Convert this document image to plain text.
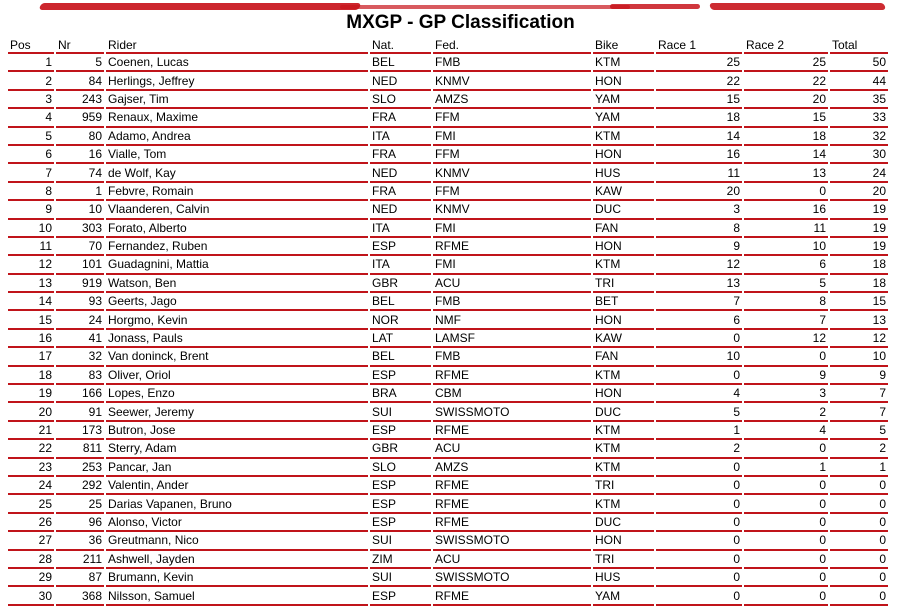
MXGP - GP Classification
Pos	Nr	Rider	Nat.	Fed.	Bike	Race 1	Race 2	Total
1	5	Coenen, Lucas	BEL	FMB	KTM	25	25	50
2	84	Herlings, Jeffrey	NED	KNMV	HON	22	22	44
3	243	Gajser, Tim	SLO	AMZS	YAM	15	20	35
4	959	Renaux, Maxime	FRA	FFM	YAM	18	15	33
5	80	Adamo, Andrea	ITA	FMI	KTM	14	18	32
6	16	Vialle, Tom	FRA	FFM	HON	16	14	30
7	74	de Wolf, Kay	NED	KNMV	HUS	11	13	24
8	1	Febvre, Romain	FRA	FFM	KAW	20	0	20
9	10	Vlaanderen, Calvin	NED	KNMV	DUC	3	16	19
10	303	Forato, Alberto	ITA	FMI	FAN	8	11	19
11	70	Fernandez, Ruben	ESP	RFME	HON	9	10	19
12	101	Guadagnini, Mattia	ITA	FMI	KTM	12	6	18
13	919	Watson, Ben	GBR	ACU	TRI	13	5	18
14	93	Geerts, Jago	BEL	FMB	BET	7	8	15
15	24	Horgmo, Kevin	NOR	NMF	HON	6	7	13
16	41	Jonass, Pauls	LAT	LAMSF	KAW	0	12	12
17	32	Van doninck, Brent	BEL	FMB	FAN	10	0	10
18	83	Oliver, Oriol	ESP	RFME	KTM	0	9	9
19	166	Lopes, Enzo	BRA	CBM	HON	4	3	7
20	91	Seewer, Jeremy	SUI	SWISSMOTO	DUC	5	2	7
21	173	Butron, Jose	ESP	RFME	KTM	1	4	5
22	811	Sterry, Adam	GBR	ACU	KTM	2	0	2
23	253	Pancar, Jan	SLO	AMZS	KTM	0	1	1
24	292	Valentin, Ander	ESP	RFME	TRI	0	0	0
25	25	Darias Vapanen, Bruno	ESP	RFME	KTM	0	0	0
26	96	Alonso, Victor	ESP	RFME	DUC	0	0	0
27	36	Greutmann, Nico	SUI	SWISSMOTO	HON	0	0	0
28	211	Ashwell, Jayden	ZIM	ACU	TRI	0	0	0
29	87	Brumann, Kevin	SUI	SWISSMOTO	HUS	0	0	0
30	368	Nilsson, Samuel	ESP	RFME	YAM	0	0	0
